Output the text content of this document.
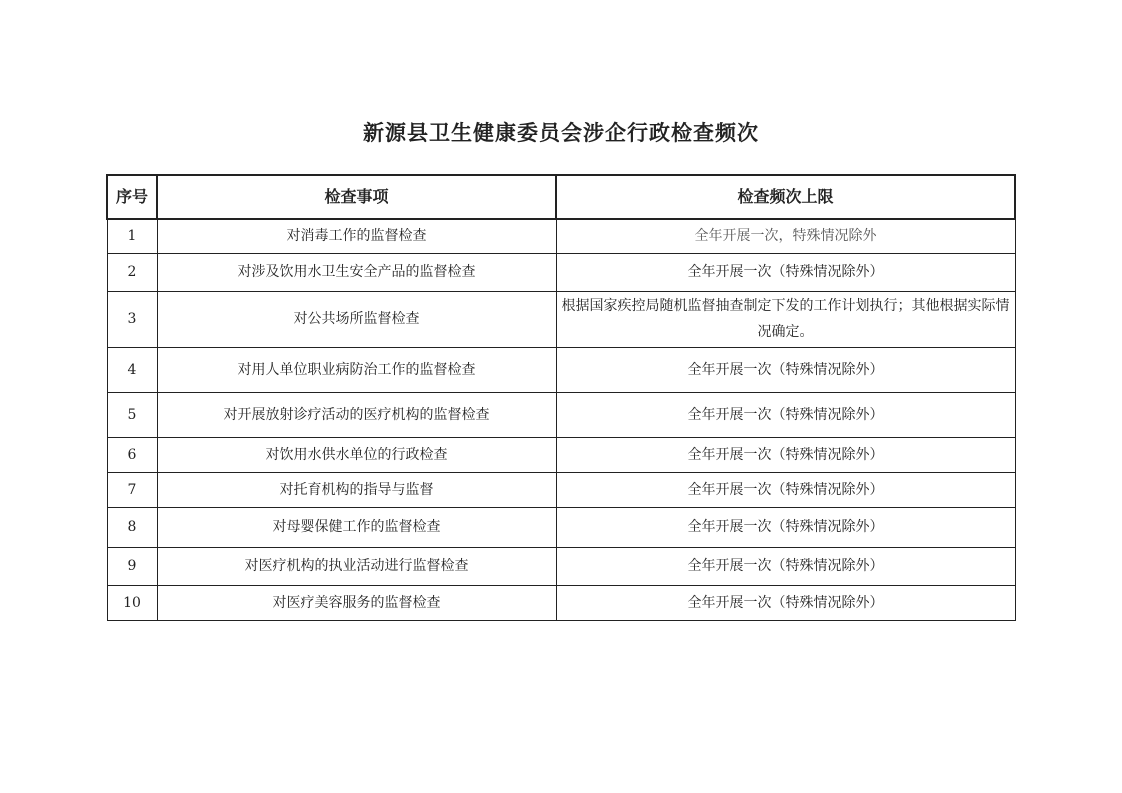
新源县卫生健康委员会涉企行政检查频次
序号	检查事项	检查频次上限
1	对消毒工作的监督检查	全年开展一次，特殊情况除外
2	对涉及饮用水卫生安全产品的监督检查	全年开展一次（特殊情况除外）
3	对公共场所监督检查	根据国家疾控局随机监督抽查制定下发的工作计划执行；其他根据实际情况确定。
4	对用人单位职业病防治工作的监督检查	全年开展一次（特殊情况除外）
5	对开展放射诊疗活动的医疗机构的监督检查	全年开展一次（特殊情况除外）
6	对饮用水供水单位的行政检查	全年开展一次（特殊情况除外）
7	对托育机构的指导与监督	全年开展一次（特殊情况除外）
8	对母婴保健工作的监督检查	全年开展一次（特殊情况除外）
9	对医疗机构的执业活动进行监督检查	全年开展一次（特殊情况除外）
10	对医疗美容服务的监督检查	全年开展一次（特殊情况除外）
